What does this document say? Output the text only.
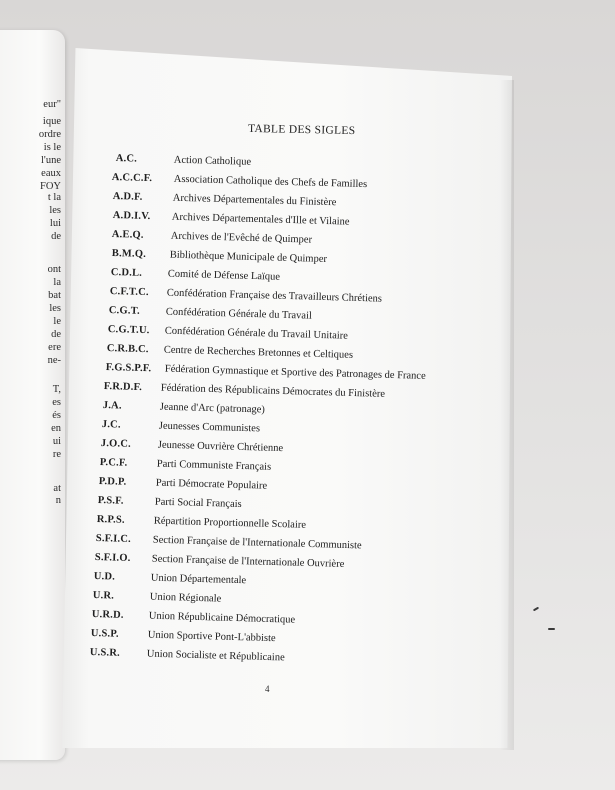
eur"
ique
ordre
is le
l'une
eaux
FOY
t la
les
lui
de
ont
la
bat
les
le
de
ere
ne-
T,
es
és
en
ui
re
at
n
TABLE DES SIGLES
A.C.	Action Catholique
A.C.C.F. Association Catholique des Chefs de Familles
A.D.F.	Archives Départementales du Finistère
A.D.I.V. Archives Départementales d'Ille et Vilaine
A.E.Q.	Archives de l'Evêché de Quimper
B.M.Q. Bibliothèque Municipale de Quimper
C.D.L. Comité de Défense Laïque
C.F.T.C. Confédération Française des Travailleurs Chrétiens
C.G.T. Confédération Générale du Travail
C.G.T.U. Confédération Générale du Travail Unitaire
C.R.B.C. Centre de Recherches Bretonnes et Celtiques
F.G.S.P.F. Fédération Gymnastique et Sportive des Patronages de France
F.R.D.F. Fédération des Républicains Démocrates du Finistère
J.A.	Jeanne d'Arc (patronage)
J.C.	Jeunesses Communistes
J.O.C.	Jeunesse Ouvrière Chrétienne
P.C.F.	Parti Communiste Français
P.D.P.	Parti Démocrate Populaire
P.S.F.	Parti Social Français
R.P.S.	Répartition Proportionnelle Scolaire
S.F.I.C. Section Française de l'Internationale Communiste
S.F.I.O. Section Française de l'Internationale Ouvrière
U.D.	Union Départementale
U.R.	Union Régionale
U.R.D. Union Républicaine Démocratique
U.S.P.	Union Sportive Pont-L'abbiste
U.S.R.	Union Socialiste et Républicaine
4
